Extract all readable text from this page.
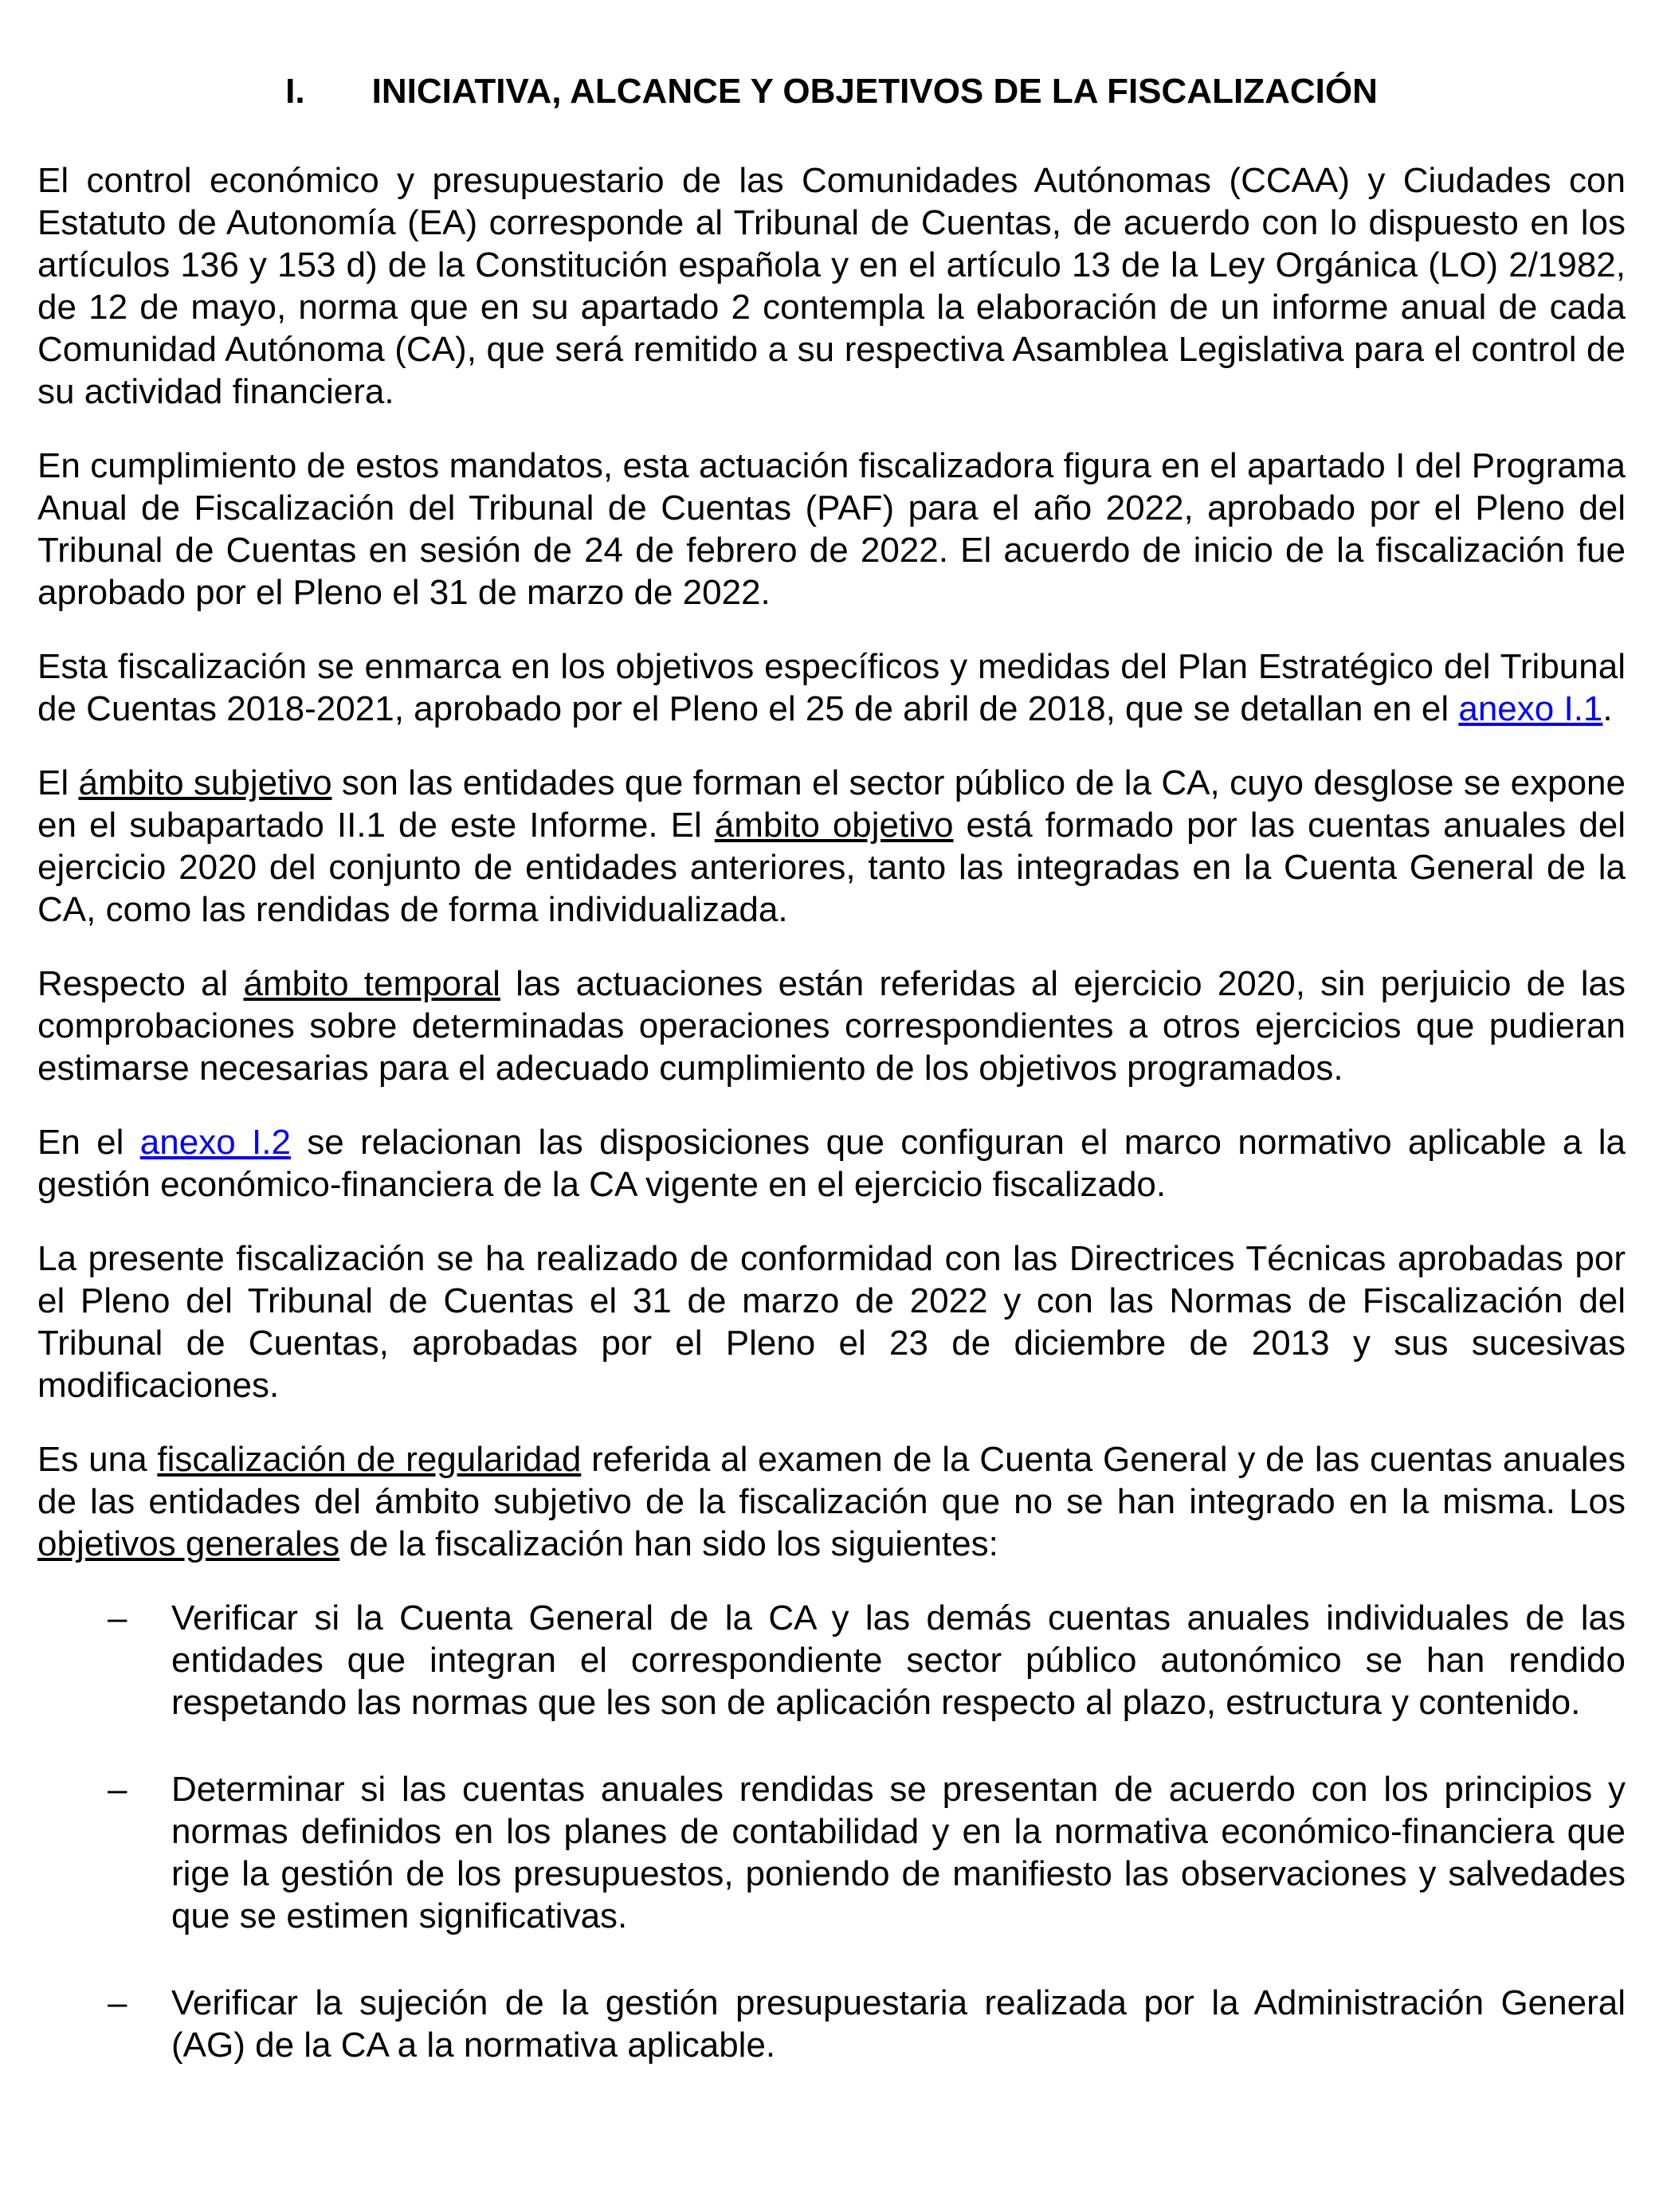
I. INICIATIVA, ALCANCE Y OBJETIVOS DE LA FISCALIZACIÓN

El control económico y presupuestario de las Comunidades Autónomas (CCAA) y Ciudades con Estatuto de Autonomía (EA) corresponde al Tribunal de Cuentas, de acuerdo con lo dispuesto en los artículos 136 y 153 d) de la Constitución española y en el artículo 13 de la Ley Orgánica (LO) 2/1982, de 12 de mayo, norma que en su apartado 2 contempla la elaboración de un informe anual de cada Comunidad Autónoma (CA), que será remitido a su respectiva Asamblea Legislativa para el control de su actividad financiera.

En cumplimiento de estos mandatos, esta actuación fiscalizadora figura en el apartado I del Programa Anual de Fiscalización del Tribunal de Cuentas (PAF) para el año 2022, aprobado por el Pleno del Tribunal de Cuentas en sesión de 24 de febrero de 2022. El acuerdo de inicio de la fiscalización fue aprobado por el Pleno el 31 de marzo de 2022.

Esta fiscalización se enmarca en los objetivos específicos y medidas del Plan Estratégico del Tribunal de Cuentas 2018-2021, aprobado por el Pleno el 25 de abril de 2018, que se detallan en el anexo I.1.

El ámbito subjetivo son las entidades que forman el sector público de la CA, cuyo desglose se expone en el subapartado II.1 de este Informe. El ámbito objetivo está formado por las cuentas anuales del ejercicio 2020 del conjunto de entidades anteriores, tanto las integradas en la Cuenta General de la CA, como las rendidas de forma individualizada.

Respecto al ámbito temporal las actuaciones están referidas al ejercicio 2020, sin perjuicio de las comprobaciones sobre determinadas operaciones correspondientes a otros ejercicios que pudieran estimarse necesarias para el adecuado cumplimiento de los objetivos programados.

En el anexo I.2 se relacionan las disposiciones que configuran el marco normativo aplicable a la gestión económico-financiera de la CA vigente en el ejercicio fiscalizado.

La presente fiscalización se ha realizado de conformidad con las Directrices Técnicas aprobadas por el Pleno del Tribunal de Cuentas el 31 de marzo de 2022 y con las Normas de Fiscalización del Tribunal de Cuentas, aprobadas por el Pleno el 23 de diciembre de 2013 y sus sucesivas modificaciones.

Es una fiscalización de regularidad referida al examen de la Cuenta General y de las cuentas anuales de las entidades del ámbito subjetivo de la fiscalización que no se han integrado en la misma. Los objetivos generales de la fiscalización han sido los siguientes:

–	Verificar si la Cuenta General de la CA y las demás cuentas anuales individuales de las entidades que integran el correspondiente sector público autonómico se han rendido respetando las normas que les son de aplicación respecto al plazo, estructura y contenido.
–	Determinar si las cuentas anuales rendidas se presentan de acuerdo con los principios y normas definidos en los planes de contabilidad y en la normativa económico-financiera que rige la gestión de los presupuestos, poniendo de manifiesto las observaciones y salvedades que se estimen significativas.
–	Verificar la sujeción de la gestión presupuestaria realizada por la Administración General (AG) de la CA a la normativa aplicable.
